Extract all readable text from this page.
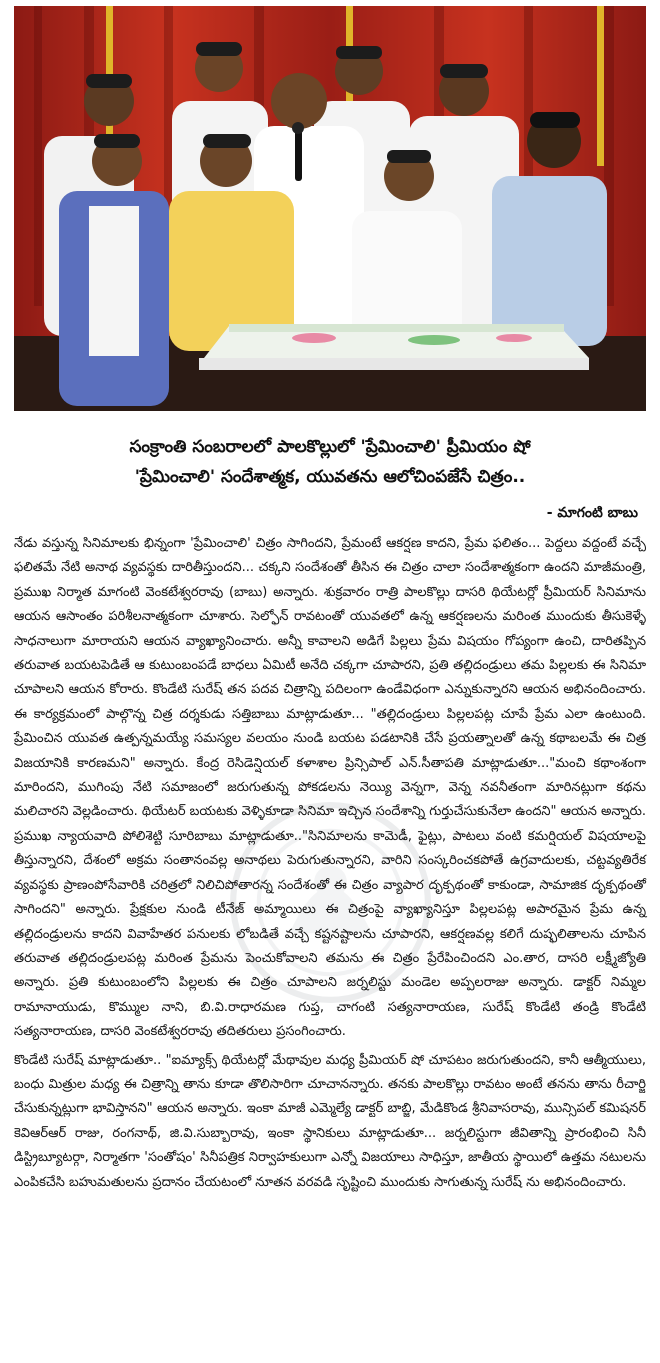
సంక్రాంతి సంబరాలలో పాలకొల్లులో 'ప్రేమించాలి' ప్రీమియం షో
'ప్రేమించాలి' సందేశాత్మక, యువతను ఆలోచింపజేసే చిత్రం..
- మాగంటి బాబు

నేడు వస్తున్న సినిమాలకు భిన్నంగా 'ప్రేమించాలి' చిత్రం సాగిందని, ప్రేమంటే ఆకర్షణ కాదని, ప్రేమ ఫలితం... పెద్దలు వద్దంటే వచ్చే ఫలితమే నేటి అనాథ వ్యవస్థకు దారితీస్తుందని... చక్కని సందేశంతో తీసిన ఈ చిత్రం చాలా సందేశాత్మకంగా ఉందని మాజీమంత్రి, ప్రముఖ నిర్మాత మాగంటి వెంకటేశ్వరరావు (బాబు) అన్నారు. శుక్రవారం రాత్రి పాలకొల్లు దాసరి థియేటర్లో ప్రీమియర్ సినిమాను ఆయన ఆసాంతం పరిశీలనాత్మకంగా చూశారు. సెల్ఫోన్ రావటంతో యువతలో ఉన్న ఆకర్షణలను మరింత ముందుకు తీసుకెళ్ళే సాధనాలుగా మారాయని ఆయన వ్యాఖ్యానించారు. అన్నీ కావాలని అడిగే పిల్లలు ప్రేమ విషయం గోప్యంగా ఉంచి, దారితప్పిన తరువాత బయటపెడితే ఆ కుటుంబంపడే బాధలు ఏమిటీ అనేది చక్కగా చూపారని, ప్రతి తల్లిదండ్రులు తమ పిల్లలకు ఈ సినిమా చూపాలని ఆయన కోరారు. కొండేటి సురేష్ తన పదవ చిత్రాన్ని పదిలంగా ఉండేవిధంగా ఎన్నుకున్నారని ఆయన అభినందించారు. ఈ కార్యక్రమంలో పాల్గొన్న చిత్ర దర్శకుడు సత్తిబాబు మాట్లాడుతూ... "తల్లిదండ్రులు పిల్లలపట్ల చూపే ప్రేమ ఎలా ఉంటుంది. ప్రేమించిన యువత ఉత్పన్నమయ్యే సమస్యల వలయం నుండి బయట పడటానికి చేసే ప్రయత్నాలతో ఉన్న కథాబలమే ఈ చిత్ర విజయానికి కారణమని" అన్నారు. కేంద్ర రెసిడెన్షియల్ కళాశాల ప్రిన్సిపాల్ ఎన్.సీతాపతి మాట్లాడుతూ..."మంచి కథాంశంగా మారిందని, ముగింపు నేటి సమాజంలో జరుగుతున్న పోకడలను నెయ్యి వెన్నగా, వెన్న నవనీతంగా మారినట్లుగా కథను మలిచారని వెల్లడించారు. థియేటర్ బయటకు వెళ్ళికూడా సినిమా ఇచ్చిన సందేశాన్ని గుర్తుచేసుకునేలా ఉందని" ఆయన అన్నారు. ప్రముఖ న్యాయవాది పోలిశెట్టి సూరిబాబు మాట్లాడుతూ.."సినిమాలను కామెడీ, ఫైట్లు, పాటలు వంటి కమర్షియల్ విషయాలపై తీస్తున్నారని, దేశంలో అక్రమ సంతానంవల్ల అనాథలు పెరుగుతున్నారని, వారిని సంస్కరించకపోతే ఉగ్రవాదులకు, చట్టవ్యతిరేక వ్యవస్థకు ప్రాణంపోసేవారికి చరిత్రలో నిలిచిపోతారన్న సందేశంతో ఈ చిత్రం వ్యాపార దృక్పథంతో కాకుండా, సామాజిక దృక్పథంతో సాగిందని" అన్నారు. ప్రేక్షకుల నుండి టీనేజ్ అమ్మాయిలు ఈ చిత్రంపై వ్యాఖ్యానిస్తూ పిల్లలపట్ల అపారమైన ప్రేమ ఉన్న తల్లిదండ్రులను కాదని వివాహేతర పనులకు లోబడితే వచ్చే కష్టనష్టాలను చూపారని, ఆకర్షణవల్ల కలిగే దుష్ఫలితాలను చూపిన తరువాత తల్లిదండ్రులపట్ల మరింత ప్రేమను పెంచుకోవాలని తమను ఈ చిత్రం ప్రేరేపించిందని ఎం.తార, దాసరి లక్ష్మీజ్యోతి అన్నారు. ప్రతి కుటుంబంలోని పిల్లలకు ఈ చిత్రం చూపాలని జర్నలిస్టు మండెల అప్పలరాజు అన్నారు. డాక్టర్ నిమ్మల రామానాయుడు, కొమ్ముల నాని, బి.వి.రాధారమణ గుప్త, చాగంటి సత్యనారాయణ, సురేష్ కొండేటి తండ్రి కొండేటి సత్యనారాయణ, దాసరి వెంకటేశ్వరరావు తదితరులు ప్రసంగించారు.

కొండేటి సురేష్ మాట్లాడుతూ.. "ఐమ్యాక్స్ థియేటర్లో మేథావుల మధ్య ప్రీమియర్ షో చూపటం జరుగుతుందని, కానీ ఆత్మీయులు, బంధు మిత్రుల మధ్య ఈ చిత్రాన్ని తాను కూడా తొలిసారిగా చూచానన్నారు. తనకు పాలకొల్లు రావటం అంటే తనను తాను రీచార్జి చేసుకున్నట్లుగా భావిస్తానని" ఆయన అన్నారు. ఇంకా మాజీ ఎమ్మెల్యే డాక్టర్ బాబ్జి, మేడికొండ శ్రీనివాసరావు, మున్సిపల్ కమిషనర్ కెవిఆర్ఆర్ రాజు, రంగనాథ్, జి.వి.సుబ్బారావు, ఇంకా స్థానికులు మాట్లాడుతూ... జర్నలిస్టుగా జీవితాన్ని ప్రారంభించి సినీ డిస్ట్రిబ్యూటర్గా, నిర్మాతగా 'సంతోషం' సినీపత్రిక నిర్వాహకులుగా ఎన్నో విజయాలు సాధిస్తూ, జాతీయ స్థాయిలో ఉత్తమ నటులను ఎంపికచేసి బహుమతులను ప్రదానం చేయటంలో నూతన వరవడి సృష్టించి ముందుకు సాగుతున్న సురేష్ ను అభినందించారు.
